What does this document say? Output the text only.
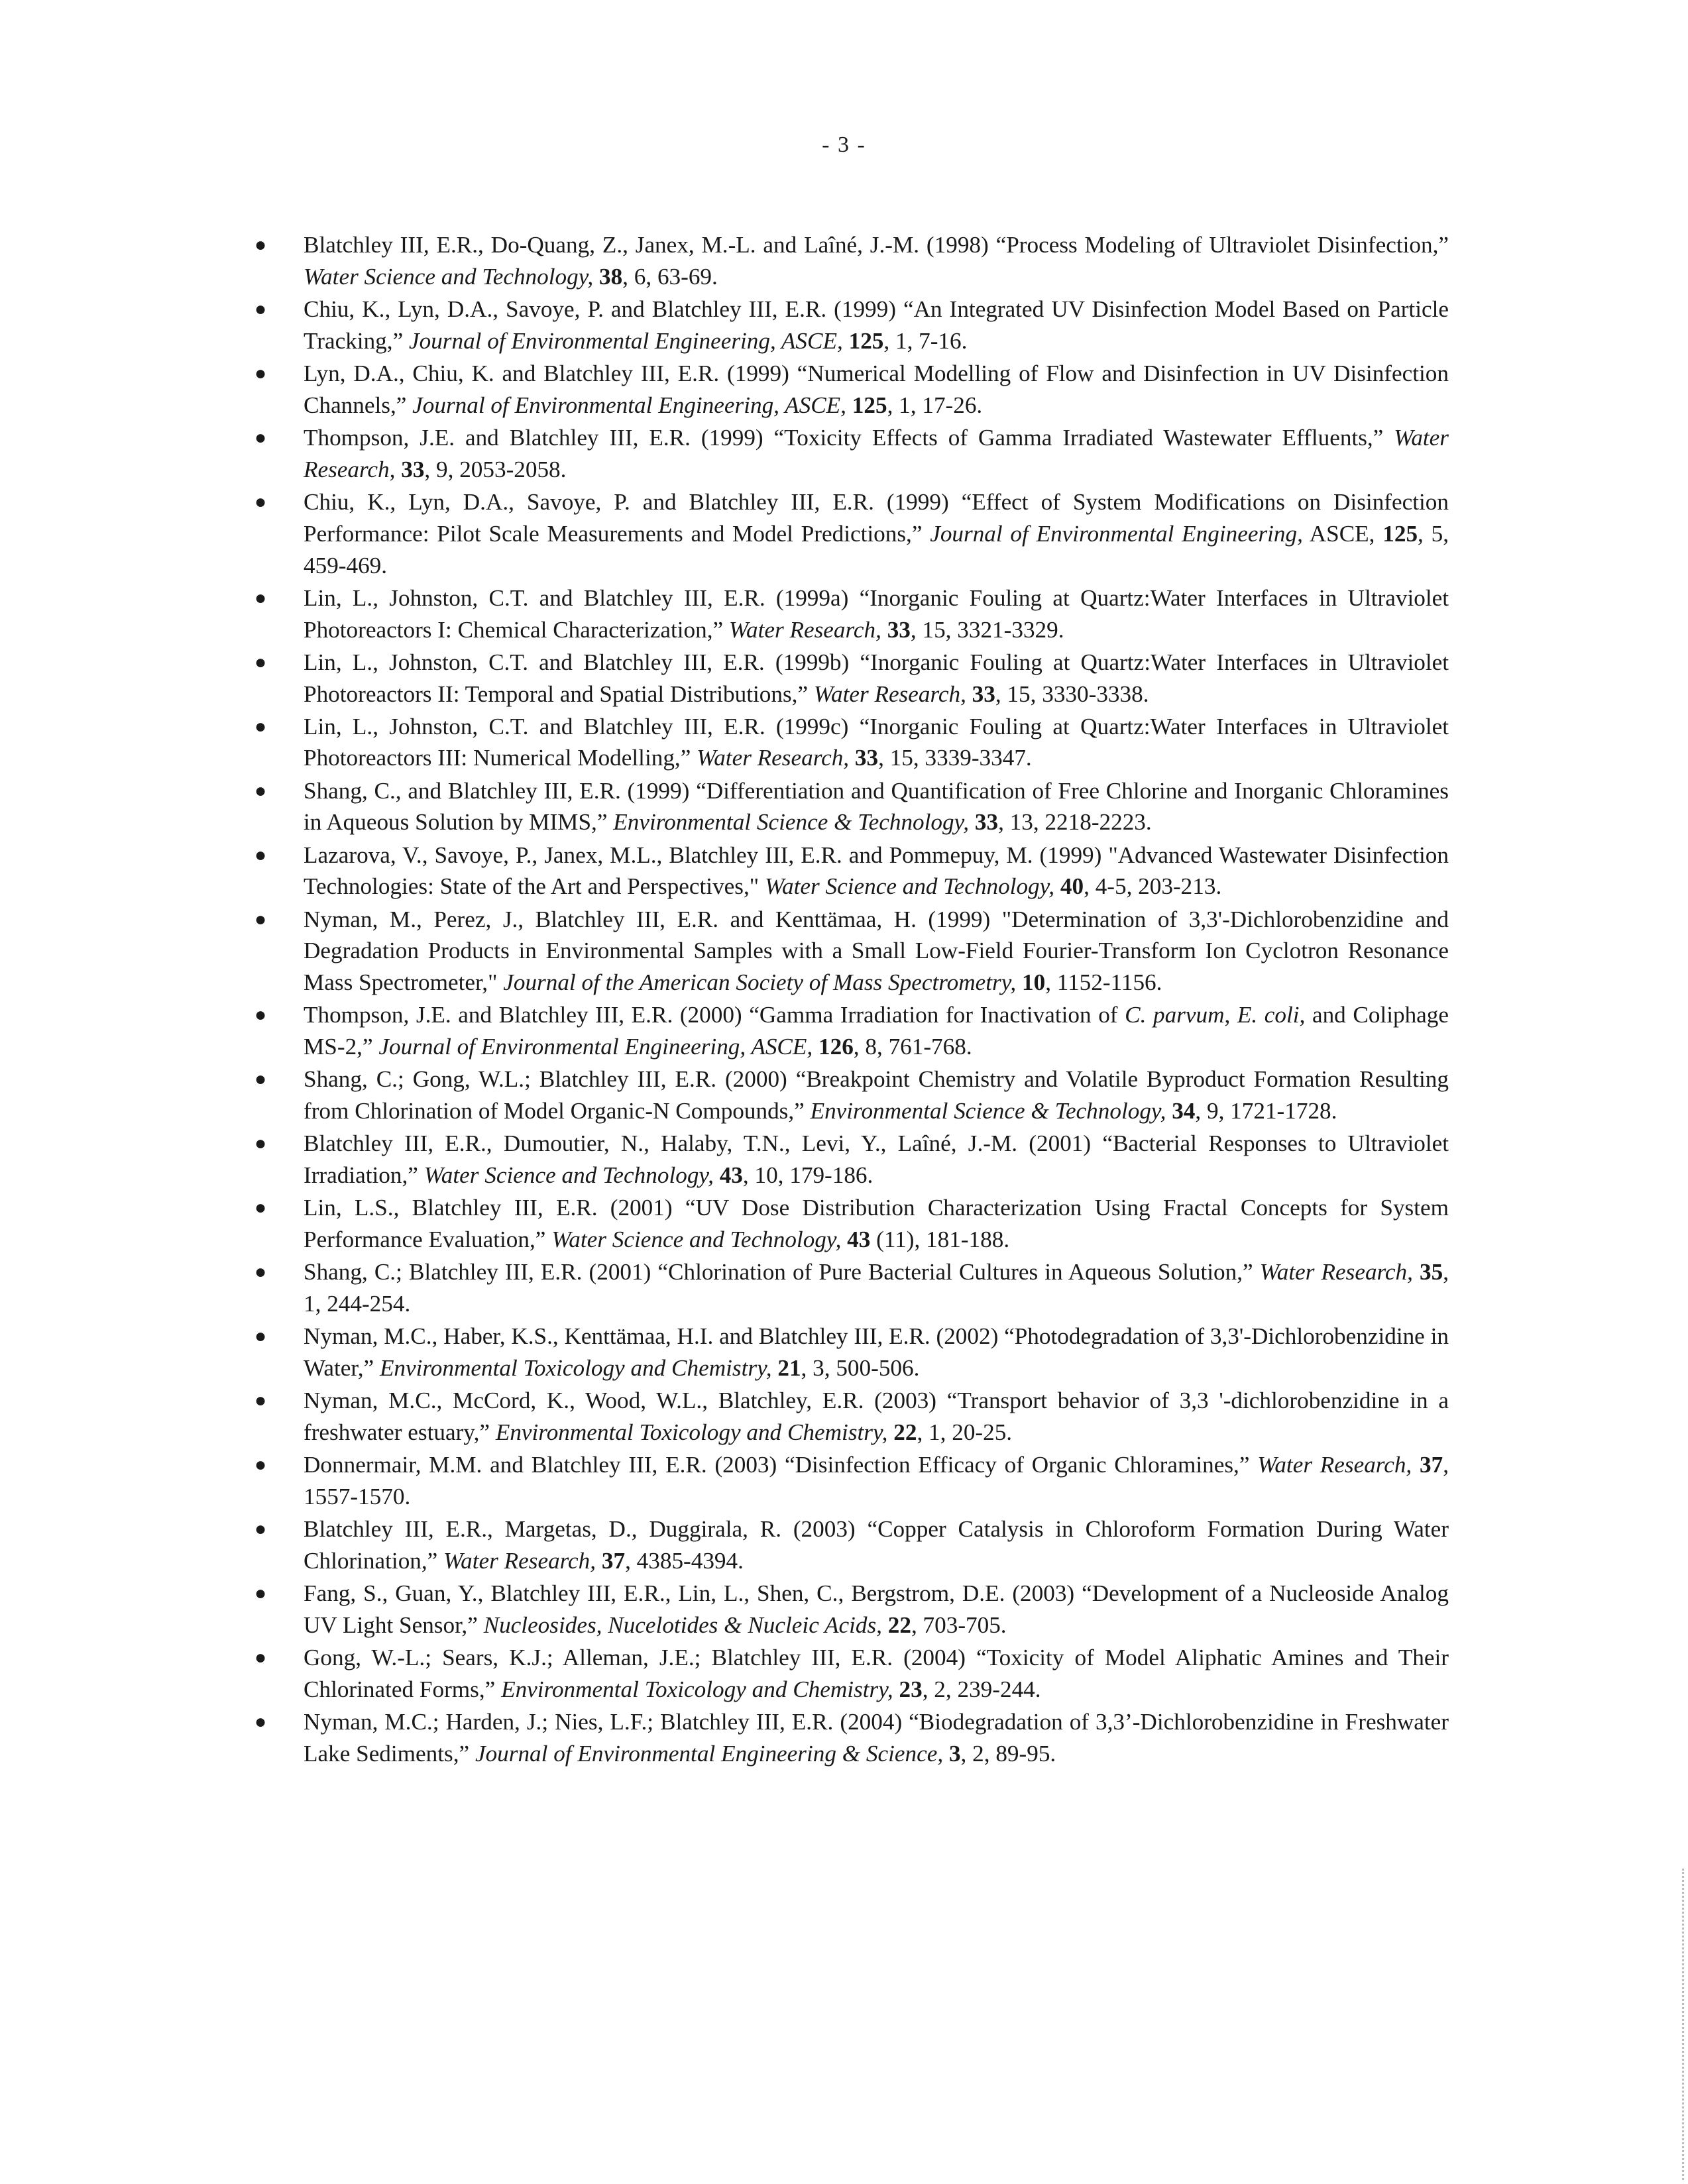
- 3 -
● Blatchley III, E.R., Do-Quang, Z., Janex, M.-L. and Laîné, J.-M. (1998) “Process Modeling of Ultraviolet Disinfection,” Water Science and Technology, 38, 6, 63-69.
● Chiu, K., Lyn, D.A., Savoye, P. and Blatchley III, E.R. (1999) “An Integrated UV Disinfection Model Based on Particle Tracking,” Journal of Environmental Engineering, ASCE, 125, 1, 7-16.
● Lyn, D.A., Chiu, K. and Blatchley III, E.R. (1999) “Numerical Modelling of Flow and Disinfection in UV Disinfection Channels,” Journal of Environmental Engineering, ASCE, 125, 1, 17-26.
● Thompson, J.E. and Blatchley III, E.R. (1999) “Toxicity Effects of Gamma Irradiated Wastewater Effluents,” Water Research, 33, 9, 2053-2058.
● Chiu, K., Lyn, D.A., Savoye, P. and Blatchley III, E.R. (1999) “Effect of System Modifications on Disinfection Performance: Pilot Scale Measurements and Model Predictions,” Journal of Environmental Engineering, ASCE, 125, 5, 459-469.
● Lin, L., Johnston, C.T. and Blatchley III, E.R. (1999a) “Inorganic Fouling at Quartz:Water Interfaces in Ultraviolet Photoreactors I: Chemical Characterization,” Water Research, 33, 15, 3321-3329.
● Lin, L., Johnston, C.T. and Blatchley III, E.R. (1999b) “Inorganic Fouling at Quartz:Water Interfaces in Ultraviolet Photoreactors II: Temporal and Spatial Distributions,” Water Research, 33, 15, 3330-3338.
● Lin, L., Johnston, C.T. and Blatchley III, E.R. (1999c) “Inorganic Fouling at Quartz:Water Interfaces in Ultraviolet Photoreactors III: Numerical Modelling,” Water Research, 33, 15, 3339-3347.
● Shang, C., and Blatchley III, E.R. (1999) “Differentiation and Quantification of Free Chlorine and Inorganic Chloramines in Aqueous Solution by MIMS,” Environmental Science & Technology, 33, 13, 2218-2223.
● Lazarova, V., Savoye, P., Janex, M.L., Blatchley III, E.R. and Pommepuy, M. (1999) "Advanced Wastewater Disinfection Technologies: State of the Art and Perspectives," Water Science and Technology, 40, 4-5, 203-213.
● Nyman, M., Perez, J., Blatchley III, E.R. and Kenttämaa, H. (1999) "Determination of 3,3'-Dichlorobenzidine and Degradation Products in Environmental Samples with a Small Low-Field Fourier-Transform Ion Cyclotron Resonance Mass Spectrometer," Journal of the American Society of Mass Spectrometry, 10, 1152-1156.
● Thompson, J.E. and Blatchley III, E.R. (2000) “Gamma Irradiation for Inactivation of C. parvum, E. coli, and Coliphage MS-2,” Journal of Environmental Engineering, ASCE, 126, 8, 761-768.
● Shang, C.; Gong, W.L.; Blatchley III, E.R. (2000) “Breakpoint Chemistry and Volatile Byproduct Formation Resulting from Chlorination of Model Organic-N Compounds,” Environmental Science & Technology, 34, 9, 1721-1728.
● Blatchley III, E.R., Dumoutier, N., Halaby, T.N., Levi, Y., Laîné, J.-M. (2001) “Bacterial Responses to Ultraviolet Irradiation,” Water Science and Technology, 43, 10, 179-186.
● Lin, L.S., Blatchley III, E.R. (2001) “UV Dose Distribution Characterization Using Fractal Concepts for System Performance Evaluation,” Water Science and Technology, 43 (11), 181-188.
● Shang, C.; Blatchley III, E.R. (2001) “Chlorination of Pure Bacterial Cultures in Aqueous Solution,” Water Research, 35, 1, 244-254.
● Nyman, M.C., Haber, K.S., Kenttämaa, H.I. and Blatchley III, E.R. (2002) “Photodegradation of 3,3'-Dichlorobenzidine in Water,” Environmental Toxicology and Chemistry, 21, 3, 500-506.
● Nyman, M.C., McCord, K., Wood, W.L., Blatchley, E.R. (2003) “Transport behavior of 3,3 '-dichlorobenzidine in a freshwater estuary,” Environmental Toxicology and Chemistry, 22, 1, 20-25.
● Donnermair, M.M. and Blatchley III, E.R. (2003) “Disinfection Efficacy of Organic Chloramines,” Water Research, 37, 1557-1570.
● Blatchley III, E.R., Margetas, D., Duggirala, R. (2003) “Copper Catalysis in Chloroform Formation During Water Chlorination,” Water Research, 37, 4385-4394.
● Fang, S., Guan, Y., Blatchley III, E.R., Lin, L., Shen, C., Bergstrom, D.E. (2003) “Development of a Nucleoside Analog UV Light Sensor,” Nucleosides, Nucelotides & Nucleic Acids, 22, 703-705.
● Gong, W.-L.; Sears, K.J.; Alleman, J.E.; Blatchley III, E.R. (2004) “Toxicity of Model Aliphatic Amines and Their Chlorinated Forms,” Environmental Toxicology and Chemistry, 23, 2, 239-244.
● Nyman, M.C.; Harden, J.; Nies, L.F.; Blatchley III, E.R. (2004) “Biodegradation of 3,3’-Dichlorobenzidine in Freshwater Lake Sediments,” Journal of Environmental Engineering & Science, 3, 2, 89-95.
